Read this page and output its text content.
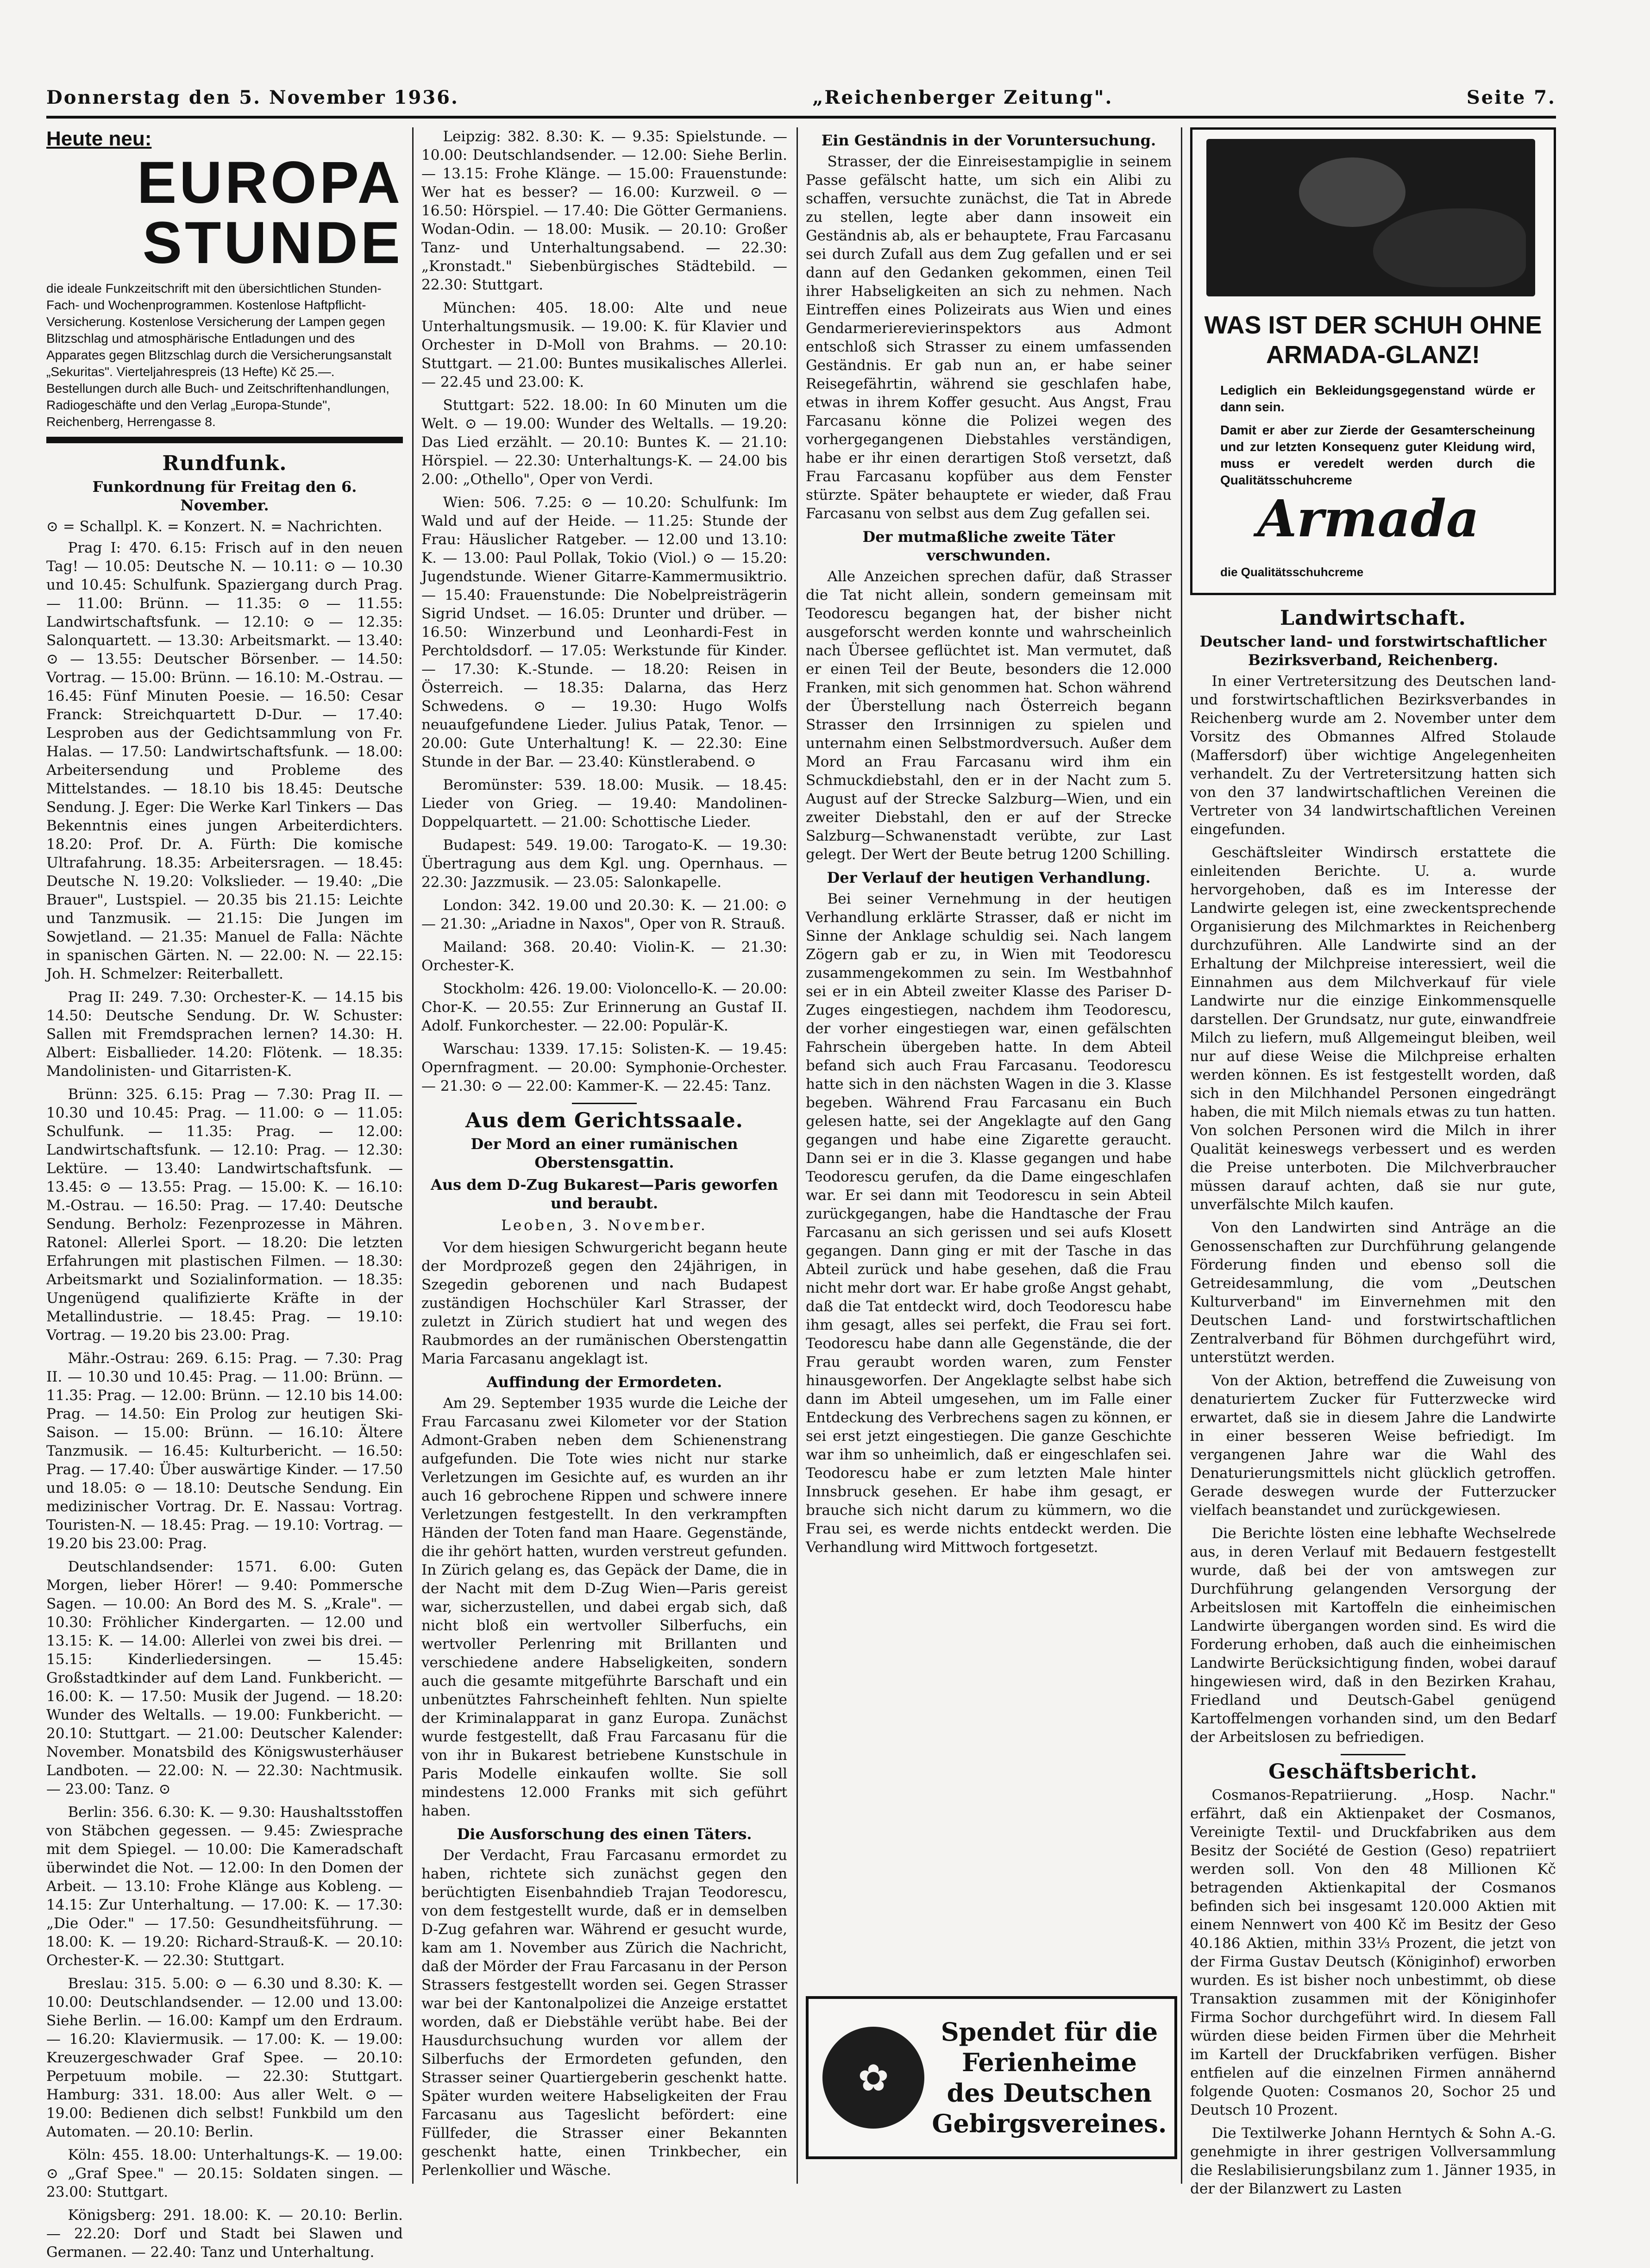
Donnerstag den 5. November 1936.	„Reichenberger Zeitung".	Seite 7.
Heute neu:
EUROPA
STUNDE
die ideale Funkzeitschrift mit den übersichtlichen Stunden-Fach- und Wochenprogrammen. Kostenlose Haftpflicht-Versicherung. Kostenlose Versicherung der Lampen gegen Blitzschlag und atmosphärische Entladungen und des Apparates gegen Blitzschlag durch die Versicherungsanstalt „Sekuritas". Vierteljahrespreis (13 Hefte) Kč 25.—. Bestellungen durch alle Buch- und Zeitschriftenhandlungen, Radiogeschäfte und den Verlag „Europa-Stunde", Reichenberg, Herrengasse 8.
Rundfunk.
Funkordnung für Freitag den 6. November.
⊙ = Schallpl. K. = Konzert. N. = Nachrichten.

Prag I: 470. 6.15: Frisch auf in den neuen Tag! — 10.05: Deutsche N. — 10.11: ⊙ — 10.30 und 10.45: Schulfunk. Spaziergang durch Prag. — 11.00: Brünn. — 11.35: ⊙ — 11.55: Landwirtschaftsfunk. — 12.10: ⊙ — 12.35: Salonquartett. — 13.30: Arbeitsmarkt. — 13.40: ⊙ — 13.55: Deutscher Börsenber. — 14.50: Vortrag. — 15.00: Brünn. — 16.10: M.-Ostrau. — 16.45: Fünf Minuten Poesie. — 16.50: Cesar Franck: Streichquartett D-Dur. — 17.40: Lesproben aus der Gedichtsammlung von Fr. Halas. — 17.50: Landwirtschaftsfunk. — 18.00: Arbeitersendung und Probleme des Mittelstandes. — 18.10 bis 18.45: Deutsche Sendung. J. Eger: Die Werke Karl Tinkers — Das Bekenntnis eines jungen Arbeiterdichters. 18.20: Prof. Dr. A. Fürth: Die komische Ultrafahrung. 18.35: Arbeitersragen. — 18.45: Deutsche N. 19.20: Volkslieder. — 19.40: „Die Brauer", Lustspiel. — 20.35 bis 21.15: Leichte und Tanzmusik. — 21.15: Die Jungen im Sowjetland. — 21.35: Manuel de Falla: Nächte in spanischen Gärten. N. — 22.00: N. — 22.15: Joh. H. Schmelzer: Reiterballett.

Prag II: 249. 7.30: Orchester-K. — 14.15 bis 14.50: Deutsche Sendung. Dr. W. Schuster: Sallen mit Fremdsprachen lernen? 14.30: H. Albert: Eisballieder. 14.20: Flötenk. — 18.35: Mandolinisten- und Gitarristen-K.

Brünn: 325. 6.15: Prag — 7.30: Prag II. — 10.30 und 10.45: Prag. — 11.00: ⊙ — 11.05: Schulfunk. — 11.35: Prag. — 12.00: Landwirtschaftsfunk. — 12.10: Prag. — 12.30: Lektüre. — 13.40: Landwirtschaftsfunk. — 13.45: ⊙ — 13.55: Prag. — 15.00: K. — 16.10: M.-Ostrau. — 16.50: Prag. — 17.40: Deutsche Sendung. Berholz: Fezenprozesse in Mähren. Ratonel: Allerlei Sport. — 18.20: Die letzten Erfahrungen mit plastischen Filmen. — 18.30: Arbeitsmarkt und Sozialinformation. — 18.35: Ungenügend qualifizierte Kräfte in der Metallindustrie. — 18.45: Prag. — 19.10: Vortrag. — 19.20 bis 23.00: Prag.

Mähr.-Ostrau: 269. 6.15: Prag. — 7.30: Prag II. — 10.30 und 10.45: Prag. — 11.00: Brünn. — 11.35: Prag. — 12.00: Brünn. — 12.10 bis 14.00: Prag. — 14.50: Ein Prolog zur heutigen Ski-Saison. — 15.00: Brünn. — 16.10: Ältere Tanzmusik. — 16.45: Kulturbericht. — 16.50: Prag. — 17.40: Über auswärtige Kinder. — 17.50 und 18.05: ⊙ — 18.10: Deutsche Sendung. Ein medizinischer Vortrag. Dr. E. Nassau: Vortrag. Touristen-N. — 18.45: Prag. — 19.10: Vortrag. — 19.20 bis 23.00: Prag.

Deutschlandsender: 1571. 6.00: Guten Morgen, lieber Hörer! — 9.40: Pommersche Sagen. — 10.00: An Bord des M. S. „Krale". — 10.30: Fröhlicher Kindergarten. — 12.00 und 13.15: K. — 14.00: Allerlei von zwei bis drei. — 15.15: Kinderliedersingen. — 15.45: Großstadtkinder auf dem Land. Funkbericht. — 16.00: K. — 17.50: Musik der Jugend. — 18.20: Wunder des Weltalls. — 19.00: Funkbericht. — 20.10: Stuttgart. — 21.00: Deutscher Kalender: November. Monatsbild des Königswusterhäuser Landboten. — 22.00: N. — 22.30: Nachtmusik. — 23.00: Tanz. ⊙

Berlin: 356. 6.30: K. — 9.30: Haushaltsstoffen von Stäbchen gegessen. — 9.45: Zwiesprache mit dem Spiegel. — 10.00: Die Kameradschaft überwindet die Not. — 12.00: In den Domen der Arbeit. — 13.10: Frohe Klänge aus Kobleng. — 14.15: Zur Unterhaltung. — 17.00: K. — 17.30: „Die Oder." — 17.50: Gesundheitsführung. — 18.00: K. — 19.20: Richard-Strauß-K. — 20.10: Orchester-K. — 22.30: Stuttgart.

Breslau: 315. 5.00: ⊙ — 6.30 und 8.30: K. — 10.00: Deutschlandsender. — 12.00 und 13.00: Siehe Berlin. — 16.00: Kampf um den Erdraum. — 16.20: Klaviermusik. — 17.00: K. — 19.00: Kreuzergeschwader Graf Spee. — 20.10: Perpetuum mobile. — 22.30: Stuttgart. Hamburg: 331. 18.00: Aus aller Welt. ⊙ — 19.00: Bedienen dich selbst! Funkbild um den Automaten. — 20.10: Berlin.

Köln: 455. 18.00: Unterhaltungs-K. — 19.00: ⊙ „Graf Spee." — 20.15: Soldaten singen. — 23.00: Stuttgart.

Königsberg: 291. 18.00: K. — 20.10: Berlin. — 22.20: Dorf und Stadt bei Slawen und Germanen. — 22.40: Tanz und Unterhaltung.

Leipzig: 382. 8.30: K. — 9.35: Spielstunde. — 10.00: Deutschlandsender. — 12.00: Siehe Berlin. — 13.15: Frohe Klänge. — 15.00: Frauenstunde: Wer hat es besser? — 16.00: Kurzweil. ⊙ — 16.50: Hörspiel. — 17.40: Die Götter Germaniens. Wodan-Odin. — 18.00: Musik. — 20.10: Großer Tanz- und Unterhaltungsabend. — 22.30: „Kronstadt." Siebenbürgisches Städtebild. — 22.30: Stuttgart.

München: 405. 18.00: Alte und neue Unterhaltungsmusik. — 19.00: K. für Klavier und Orchester in D-Moll von Brahms. — 20.10: Stuttgart. — 21.00: Buntes musikalisches Allerlei. — 22.45 und 23.00: K.

Stuttgart: 522. 18.00: In 60 Minuten um die Welt. ⊙ — 19.00: Wunder des Weltalls. — 19.20: Das Lied erzählt. — 20.10: Buntes K. — 21.10: Hörspiel. — 22.30: Unterhaltungs-K. — 24.00 bis 2.00: „Othello", Oper von Verdi.

Wien: 506. 7.25: ⊙ — 10.20: Schulfunk: Im Wald und auf der Heide. — 11.25: Stunde der Frau: Häuslicher Ratgeber. — 12.00 und 13.10: K. — 13.00: Paul Pollak, Tokio (Viol.) ⊙ — 15.20: Jugendstunde. Wiener Gitarre-Kammermusiktrio. — 15.40: Frauenstunde: Die Nobelpreisträgerin Sigrid Undset. — 16.05: Drunter und drüber. — 16.50: Winzerbund und Leonhardi-Fest in Perchtoldsdorf. — 17.05: Werkstunde für Kinder. — 17.30: K.-Stunde. — 18.20: Reisen in Österreich. — 18.35: Dalarna, das Herz Schwedens. ⊙ — 19.30: Hugo Wolfs neuaufgefundene Lieder. Julius Patak, Tenor. — 20.00: Gute Unterhaltung! K. — 22.30: Eine Stunde in der Bar. — 23.40: Künstlerabend. ⊙

Beromünster: 539. 18.00: Musik. — 18.45: Lieder von Grieg. — 19.40: Mandolinen-Doppelquartett. — 21.00: Schottische Lieder.

Budapest: 549. 19.00: Tarogato-K. — 19.30: Übertragung aus dem Kgl. ung. Opernhaus. — 22.30: Jazzmusik. — 23.05: Salonkapelle.

London: 342. 19.00 und 20.30: K. — 21.00: ⊙ — 21.30: „Ariadne in Naxos", Oper von R. Strauß.

Mailand: 368. 20.40: Violin-K. — 21.30: Orchester-K.

Stockholm: 426. 19.00: Violoncello-K. — 20.00: Chor-K. — 20.55: Zur Erinnerung an Gustaf II. Adolf. Funkorchester. — 22.00: Populär-K.

Warschau: 1339. 17.15: Solisten-K. — 19.45: Opernfragment. — 20.00: Symphonie-Orchester. — 21.30: ⊙ — 22.00: Kammer-K. — 22.45: Tanz.

Aus dem Gerichtssaale.
Der Mord an einer rumänischen Oberstensgattin.
Aus dem D-Zug Bukarest—Paris geworfen und beraubt.
Leoben, 3. November.

Vor dem hiesigen Schwurgericht begann heute der Mordprozeß gegen den 24jährigen, in Szegedin geborenen und nach Budapest zuständigen Hochschüler Karl Strasser, der zuletzt in Zürich studiert hat und wegen des Raubmordes an der rumänischen Oberstengattin Maria Farcasanu angeklagt ist.

Auffindung der Ermordeten.

Am 29. September 1935 wurde die Leiche der Frau Farcasanu zwei Kilometer vor der Station Admont-Graben neben dem Schienenstrang aufgefunden. Die Tote wies nicht nur starke Verletzungen im Gesichte auf, es wurden an ihr auch 16 gebrochene Rippen und schwere innere Verletzungen festgestellt. In den verkrampften Händen der Toten fand man Haare. Gegenstände, die ihr gehört hatten, wurden verstreut gefunden. In Zürich gelang es, das Gepäck der Dame, die in der Nacht mit dem D-Zug Wien—Paris gereist war, sicherzustellen, und dabei ergab sich, daß nicht bloß ein wertvoller Silberfuchs, ein wertvoller Perlenring mit Brillanten und verschiedene andere Habseligkeiten, sondern auch die gesamte mitgeführte Barschaft und ein unbenütztes Fahrscheinheft fehlten. Nun spielte der Kriminalapparat in ganz Europa. Zunächst wurde festgestellt, daß Frau Farcasanu für die von ihr in Bukarest betriebene Kunstschule in Paris Modelle einkaufen wollte. Sie soll mindestens 12.000 Franks mit sich geführt haben.

Die Ausforschung des einen Täters.

Der Verdacht, Frau Farcasanu ermordet zu haben, richtete sich zunächst gegen den berüchtigten Eisenbahndieb Trajan Teodorescu, von dem festgestellt wurde, daß er in demselben D-Zug gefahren war. Während er gesucht wurde, kam am 1. November aus Zürich die Nachricht, daß der Mörder der Frau Farcasanu in der Person Strassers festgestellt worden sei. Gegen Strasser war bei der Kantonalpolizei die Anzeige erstattet worden, daß er Diebstähle verübt habe. Bei der Hausdurchsuchung wurden vor allem der Silberfuchs der Ermordeten gefunden, den Strasser seiner Quartiergeberin geschenkt hatte. Später wurden weitere Habseligkeiten der Frau Farcasanu aus Tageslicht befördert: eine Füllfeder, die Strasser einer Bekannten geschenkt hatte, einen Trinkbecher, ein Perlenkollier und Wäsche.

Ein Geständnis in der Voruntersuchung.

Strasser, der die Einreisestampiglie in seinem Passe gefälscht hatte, um sich ein Alibi zu schaffen, versuchte zunächst, die Tat in Abrede zu stellen, legte aber dann insoweit ein Geständnis ab, als er behauptete, Frau Farcasanu sei durch Zufall aus dem Zug gefallen und er sei dann auf den Gedanken gekommen, einen Teil ihrer Habseligkeiten an sich zu nehmen. Nach Eintreffen eines Polizeirats aus Wien und eines Gendarmerierevierinspektors aus Admont entschloß sich Strasser zu einem umfassenden Geständnis. Er gab nun an, er habe seiner Reisegefährtin, während sie geschlafen habe, etwas in ihrem Koffer gesucht. Aus Angst, Frau Farcasanu könne die Polizei wegen des vorhergegangenen Diebstahles verständigen, habe er ihr einen derartigen Stoß versetzt, daß Frau Farcasanu kopfüber aus dem Fenster stürzte. Später behauptete er wieder, daß Frau Farcasanu von selbst aus dem Zug gefallen sei.

Der mutmaßliche zweite Täter verschwunden.

Alle Anzeichen sprechen dafür, daß Strasser die Tat nicht allein, sondern gemeinsam mit Teodorescu begangen hat, der bisher nicht ausgeforscht werden konnte und wahrscheinlich nach Übersee geflüchtet ist. Man vermutet, daß er einen Teil der Beute, besonders die 12.000 Franken, mit sich genommen hat. Schon während der Überstellung nach Österreich begann Strasser den Irrsinnigen zu spielen und unternahm einen Selbstmordversuch. Außer dem Mord an Frau Farcasanu wird ihm ein Schmuckdiebstahl, den er in der Nacht zum 5. August auf der Strecke Salzburg—Wien, und ein zweiter Diebstahl, den er auf der Strecke Salzburg—Schwanenstadt verübte, zur Last gelegt. Der Wert der Beute betrug 1200 Schilling.

Der Verlauf der heutigen Verhandlung.

Bei seiner Vernehmung in der heutigen Verhandlung erklärte Strasser, daß er nicht im Sinne der Anklage schuldig sei. Nach langem Zögern gab er zu, in Wien mit Teodorescu zusammengekommen zu sein. Im Westbahnhof sei er in ein Abteil zweiter Klasse des Pariser D-Zuges eingestiegen, nachdem ihm Teodorescu, der vorher eingestiegen war, einen gefälschten Fahrschein übergeben hatte. In dem Abteil befand sich auch Frau Farcasanu. Teodorescu hatte sich in den nächsten Wagen in die 3. Klasse begeben. Während Frau Farcasanu ein Buch gelesen hatte, sei der Angeklagte auf den Gang gegangen und habe eine Zigarette geraucht. Dann sei er in die 3. Klasse gegangen und habe Teodorescu gerufen, da die Dame eingeschlafen war. Er sei dann mit Teodorescu in sein Abteil zurückgegangen, habe die Handtasche der Frau Farcasanu an sich gerissen und sei aufs Klosett gegangen. Dann ging er mit der Tasche in das Abteil zurück und habe gesehen, daß die Frau nicht mehr dort war. Er habe große Angst gehabt, daß die Tat entdeckt wird, doch Teodorescu habe ihm gesagt, alles sei perfekt, die Frau sei fort. Teodorescu habe dann alle Gegenstände, die der Frau geraubt worden waren, zum Fenster hinausgeworfen. Der Angeklagte selbst habe sich dann im Abteil umgesehen, um im Falle einer Entdeckung des Verbrechens sagen zu können, er sei erst jetzt eingestiegen. Die ganze Geschichte war ihm so unheimlich, daß er eingeschlafen sei. Teodorescu habe er zum letzten Male hinter Innsbruck gesehen. Er habe ihm gesagt, er brauche sich nicht darum zu kümmern, wo die Frau sei, es werde nichts entdeckt werden. Die Verhandlung wird Mittwoch fortgesetzt.

✿
Spendet für die
Ferienheime
des Deutschen
Gebirgsvereines.
WAS IST DER SCHUH OHNE ARMADA-GLANZ!
Lediglich ein Bekleidungsgegenstand würde er dann sein.
Damit er aber zur Zierde der Gesamterscheinung und zur letzten Konsequenz guter Kleidung wird, muss er veredelt werden durch die Qualitätsschuhcreme
Armada
die Qualitätsschuhcreme
Landwirtschaft.
Deutscher land- und forstwirtschaftlicher Bezirksverband, Reichenberg.

In einer Vertretersitzung des Deutschen land- und forstwirtschaftlichen Bezirksverbandes in Reichenberg wurde am 2. November unter dem Vorsitz des Obmannes Alfred Stolaude (Maffersdorf) über wichtige Angelegenheiten verhandelt. Zu der Vertretersitzung hatten sich von den 37 landwirtschaftlichen Vereinen die Vertreter von 34 landwirtschaftlichen Vereinen eingefunden.

Geschäftsleiter Windirsch erstattete die einleitenden Berichte. U. a. wurde hervorgehoben, daß es im Interesse der Landwirte gelegen ist, eine zweckentsprechende Organisierung des Milchmarktes in Reichenberg durchzuführen. Alle Landwirte sind an der Erhaltung der Milchpreise interessiert, weil die Einnahmen aus dem Milchverkauf für viele Landwirte nur die einzige Einkommensquelle darstellen. Der Grundsatz, nur gute, einwandfreie Milch zu liefern, muß Allgemeingut bleiben, weil nur auf diese Weise die Milchpreise erhalten werden können. Es ist festgestellt worden, daß sich in den Milchhandel Personen eingedrängt haben, die mit Milch niemals etwas zu tun hatten. Von solchen Personen wird die Milch in ihrer Qualität keineswegs verbessert und es werden die Preise unterboten. Die Milchverbraucher müssen darauf achten, daß sie nur gute, unverfälschte Milch kaufen.

Von den Landwirten sind Anträge an die Genossenschaften zur Durchführung gelangende Förderung finden und ebenso soll die Getreidesammlung, die vom „Deutschen Kulturverband" im Einvernehmen mit den Deutschen Land- und forstwirtschaftlichen Zentralverband für Böhmen durchgeführt wird, unterstützt werden.

Von der Aktion, betreffend die Zuweisung von denaturiertem Zucker für Futterzwecke wird erwartet, daß sie in diesem Jahre die Landwirte in einer besseren Weise befriedigt. Im vergangenen Jahre war die Wahl des Denaturierungsmittels nicht glücklich getroffen. Gerade deswegen wurde der Futterzucker vielfach beanstandet und zurückgewiesen.

Die Berichte lösten eine lebhafte Wechselrede aus, in deren Verlauf mit Bedauern festgestellt wurde, daß bei der von amtswegen zur Durchführung gelangenden Versorgung der Arbeitslosen mit Kartoffeln die einheimischen Landwirte übergangen worden sind. Es wird die Forderung erhoben, daß auch die einheimischen Landwirte Berücksichtigung finden, wobei darauf hingewiesen wird, daß in den Bezirken Krahau, Friedland und Deutsch-Gabel genügend Kartoffelmengen vorhanden sind, um den Bedarf der Arbeitslosen zu befriedigen.

Geschäftsbericht.

Cosmanos-Repatriierung. „Hosp. Nachr." erfährt, daß ein Aktienpaket der Cosmanos, Vereinigte Textil- und Druckfabriken aus dem Besitz der Société de Gestion (Geso) repatriiert werden soll. Von den 48 Millionen Kč betragenden Aktienkapital der Cosmanos befinden sich bei insgesamt 120.000 Aktien mit einem Nennwert von 400 Kč im Besitz der Geso 40.186 Aktien, mithin 33⅓ Prozent, die jetzt von der Firma Gustav Deutsch (Königinhof) erworben wurden. Es ist bisher noch unbestimmt, ob diese Transaktion zusammen mit der Königinhofer Firma Sochor durchgeführt wird. In diesem Fall würden diese beiden Firmen über die Mehrheit im Kartell der Druckfabriken verfügen. Bisher entfielen auf die einzelnen Firmen annähernd folgende Quoten: Cosmanos 20, Sochor 25 und Deutsch 10 Prozent.

Die Textilwerke Johann Herntych & Sohn A.-G. genehmigte in ihrer gestrigen Vollversammlung die Reslabilisierungsbilanz zum 1. Jänner 1935, in der der Bilanzwert zu Lasten
